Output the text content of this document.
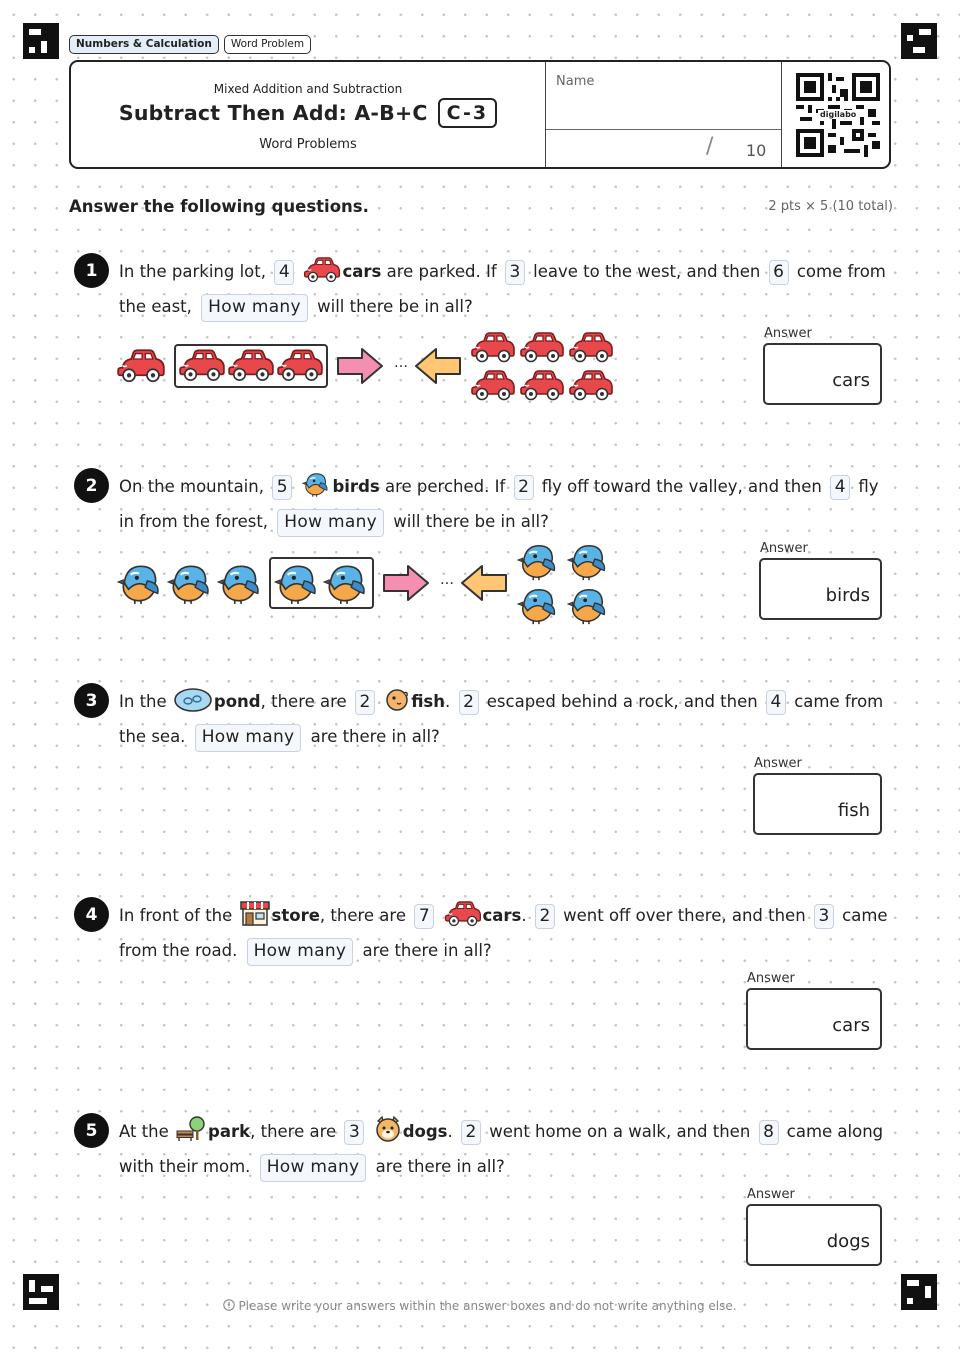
Numbers & Calculation	Word Problem
Mixed Addition and Subtraction
Subtract Then Add: A-B+C	C-3
Word Problems
Name
/ 10
digilabo
Answer the following questions.	2 pts × 5 (10 total)
1	In the parking lot, 4	cars are parked. If 3 leave to the west, and then 6 come from the east, How many will there be in all?
…
Answer
cars
2	On the mountain, 5	birds are perched. If 2 fly off toward the valley, and then 4 fly in from the forest, How many will there be in all?
…
Answer
birds
3	In the	pond, there are 2 fish. 2 escaped behind a rock, and then 4 came from the sea. How many are there in all?
Answer
fish
4	In front of the store, there are 7	cars. 2 went off over there, and then 3 came from the road. How many are there in all?
Answer
cars
5	At the park, there are 3	dogs. 2 went home on a walk, and then 8 came along with their mom. How many are there in all?
Answer
dogs
Please write your answers within the answer boxes and do not write anything else.
